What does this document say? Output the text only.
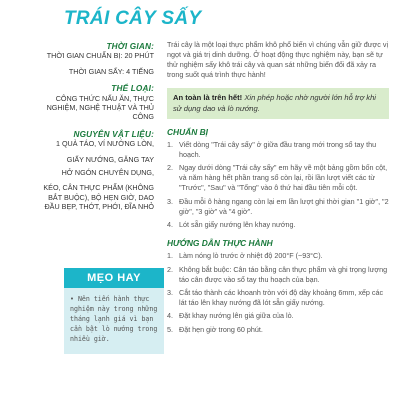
TRÁI CÂY SẤY
THỜI GIAN:
THỜI GIAN CHUẨN BỊ: 20 PHÚT
THỜI GIAN SẤY: 4 TIẾNG
THỂ LOẠI:
CÔNG THỨC NẤU ĂN, THỰC NGHIỆM, NGHỆ THUẬT VÀ THỦ CÔNG
NGUYÊN VẬT LIỆU:
1 QUẢ TÁO, VÍ NƯỚNG LÒN,
GIẤY NƯỚNG, GĂNG TAY
HỞ NGÓN CHUYÊN DỤNG,
KÉO, CÂN THỰC PHẨM (KHÔNG BẮT BUỘC), BỘ HẸN GIỜ, DAO ĐẦU BẸP, THỚT, PHỚI, ĐĨA NHỎ
MẸO HAY
• Nên tiến hành thực nghiệm này trong những tháng lạnh giá vì bạn cần bật lò nướng trong nhiều giờ.

Trái cây là một loại thực phẩm khô phổ biến vì chúng vẫn giữ được vị ngọt và giá trị dinh dưỡng. Ở hoạt động thực nghiệm này, bạn sẽ tự thử nghiệm sấy khô trái cây và quan sát những biến đổi đã xảy ra trong suốt quá trình thực hành!

An toàn là trên hết! Xin phép hoặc nhờ người lớn hỗ trợ khi sử dụng dao và lò nướng.
CHUẨN BỊ
1. Viết dòng "Trái cây sấy" ở giữa đầu trang mới trong sổ tay thu hoạch.
2. Ngay dưới dòng "Trái cây sấy" em hãy vẽ một bảng gồm bốn cột, và năm hàng hết phần trang sổ còn lại, rồi lần lượt viết các từ "Trước", "Sau" và "Tổng" vào ô thứ hai đầu tiên mỗi cột.
3. Đầu mỗi ô hàng ngang còn lại em lần lượt ghi thời gian "1 giờ", "2 giờ", "3 giờ" và "4 giờ".
4. Lót sẵn giấy nướng lên khay nướng.
HƯỚNG DẪN THỰC HÀNH
1. Làm nóng lò trước ở nhiệt độ 200°F (~93°C).
2. Không bắt buộc: Cân táo bằng cân thực phẩm và ghi trọng lượng táo cân được vào sổ tay thu hoạch của bạn.
3. Cắt táo thành các khoanh tròn với độ dày khoảng 6mm, xếp các lát táo lên khay nướng đã lót sẵn giấy nướng.
4. Đặt khay nướng lên giá giữa của lò.
5. Đặt hẹn giờ trong 60 phút.
